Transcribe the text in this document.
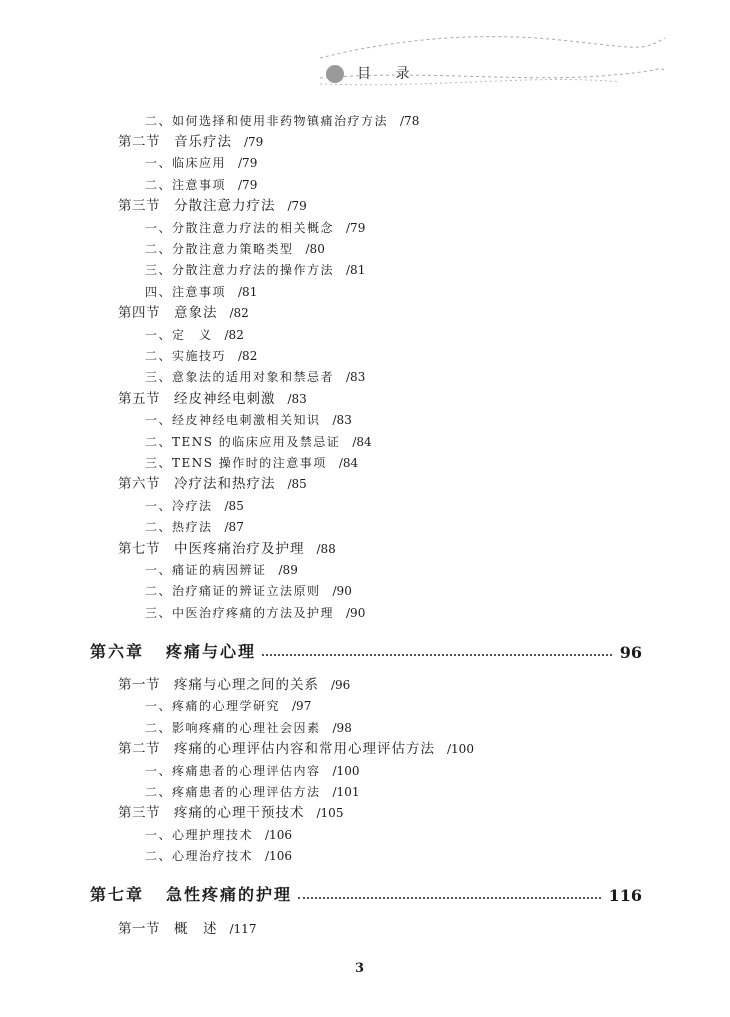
目 录
二、如何选择和使用非药物镇痛治疗方法 /78
第二节 音乐疗法 /79
一、临床应用 /79
二、注意事项 /79
第三节 分散注意力疗法 /79
一、分散注意力疗法的相关概念 /79
二、分散注意力策略类型 /80
三、分散注意力疗法的操作方法 /81
四、注意事项 /81
第四节 意象法 /82
一、定　义 /82
二、实施技巧 /82
三、意象法的适用对象和禁忌者 /83
第五节 经皮神经电刺激 /83
一、经皮神经电刺激相关知识 /83
二、TENS 的临床应用及禁忌证 /84
三、TENS 操作时的注意事项 /84
第六节 冷疗法和热疗法 /85
一、冷疗法 /85
二、热疗法 /87
第七节 中医疼痛治疗及护理 /88
一、痛证的病因辨证 /89
二、治疗痛证的辨证立法原则 /90
三、中医治疗疼痛的方法及护理 /90
第六章 疼痛与心理	96
第一节 疼痛与心理之间的关系 /96
一、疼痛的心理学研究 /97
二、影响疼痛的心理社会因素 /98
第二节 疼痛的心理评估内容和常用心理评估方法 /100
一、疼痛患者的心理评估内容 /100
二、疼痛患者的心理评估方法 /101
第三节 疼痛的心理干预技术 /105
一、心理护理技术 /106
二、心理治疗技术 /106
第七章 急性疼痛的护理	116
第一节 概　述 /117
3
